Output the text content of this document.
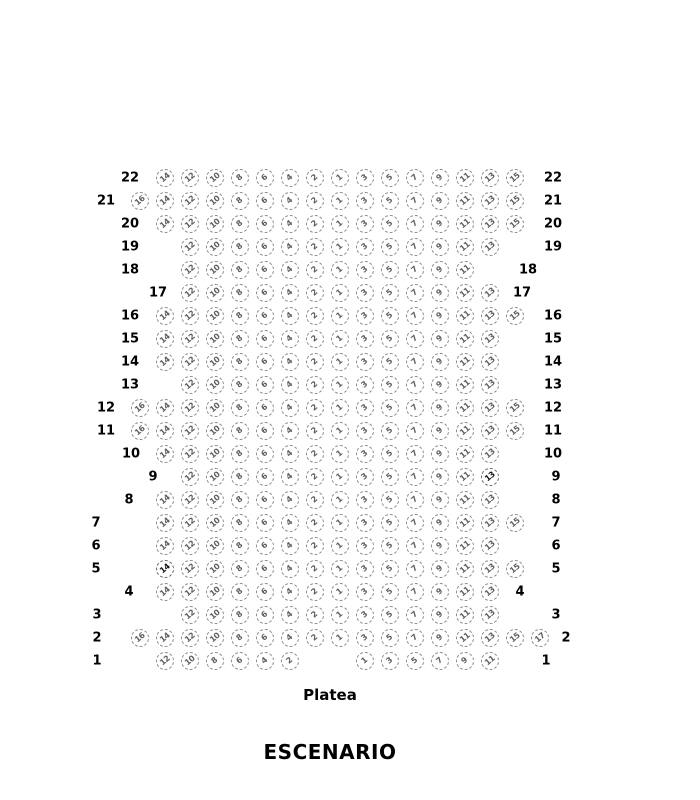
Platea
ESCENARIO
22	22
14 12 10 8 6 4 2 1 3 5 7 9 11 13 15
21	21
16 14 12 10 8 6 4 2 1 3 5 7 9 11 13 15
20	20
14 12 10 8 6 4 2 1 3 5 7 9 11 13 15
19	19
12 10 8 6 4 2 1 3 5 7 9 11 13
18	18
12 10 8 6 4 2 1 3 5 7 9 11
17	17
12 10 8 6 4 2 1 3 5 7 9 11 13
16	16
14 12 10 8 6 4 2 1 3 5 7 9 11 13 15
15	15
14 12 10 8 6 4 2 1 3 5 7 9 11 13
14	14
14 12 10 8 6 4 2 1 3 5 7 9 11 13
13	13
12 10 8 6 4 2 1 3 5 7 9 11 13
12	12
16 14 12 10 8 6 4 2 1 3 5 7 9 11 13 15
11	11
16 14 12 10 8 6 4 2 1 3 5 7 9 11 13 15
10	10
14 12 10 8 6 4 2 1 3 5 7 9 11 13
9	9
12 10 8 6 4 2 1 3 5 7 9 11 13
8	8
14 12 10 8 6 4 2 1 3 5 7 9 11 13
7	7
14 12 10 8 6 4 2 1 3 5 7 9 11 13 15
6	6
14 12 10 8 6 4 2 1 3 5 7 9 11 13
5	5
14 12 10 8 6 4 2 1 3 5 7 9 11 13 15
4	4
14 12 10 8 6 4 2 1 3 5 7 9 11 13
3	3
12 10 8 6 4 2 1 3 5 7 9 11 13
2	2
16 14 12 10 8 6 4 2 1 3 5 7 9 11 13 15 17
1	1
12 10 8 6 4 2	1 3 5 7 9 11
